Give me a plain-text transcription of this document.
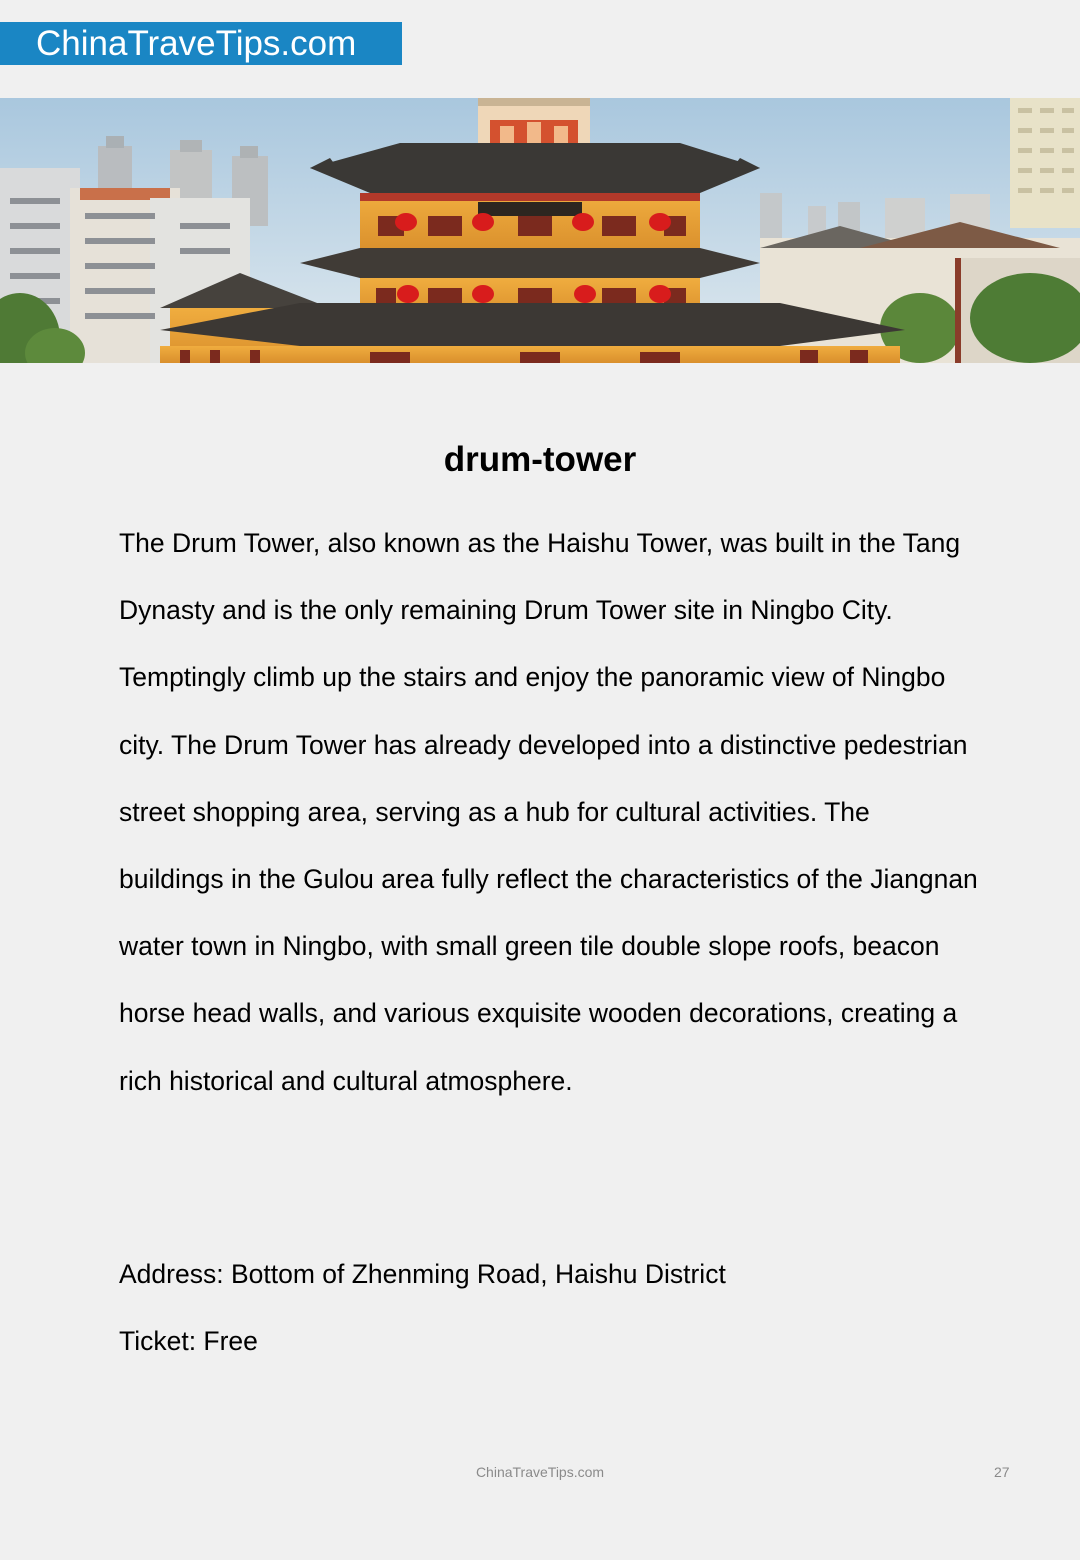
ChinaTraveTips.com
drum-tower

The Drum Tower, also known as the Haishu Tower, was built in the Tang Dynasty and is the only remaining Drum Tower site in Ningbo City. Temptingly climb up the stairs and enjoy the panoramic view of Ningbo city. The Drum Tower has already developed into a distinctive pedestrian street shopping area, serving as a hub for cultural activities. The buildings in the Gulou area fully reflect the characteristics of the Jiangnan water town in Ningbo, with small green tile double slope roofs, beacon horse head walls, and various exquisite wooden decorations, creating a rich historical and cultural atmosphere.

Address: Bottom of Zhenming Road, Haishu District

Ticket: Free

ChinaTraveTips.com	27
